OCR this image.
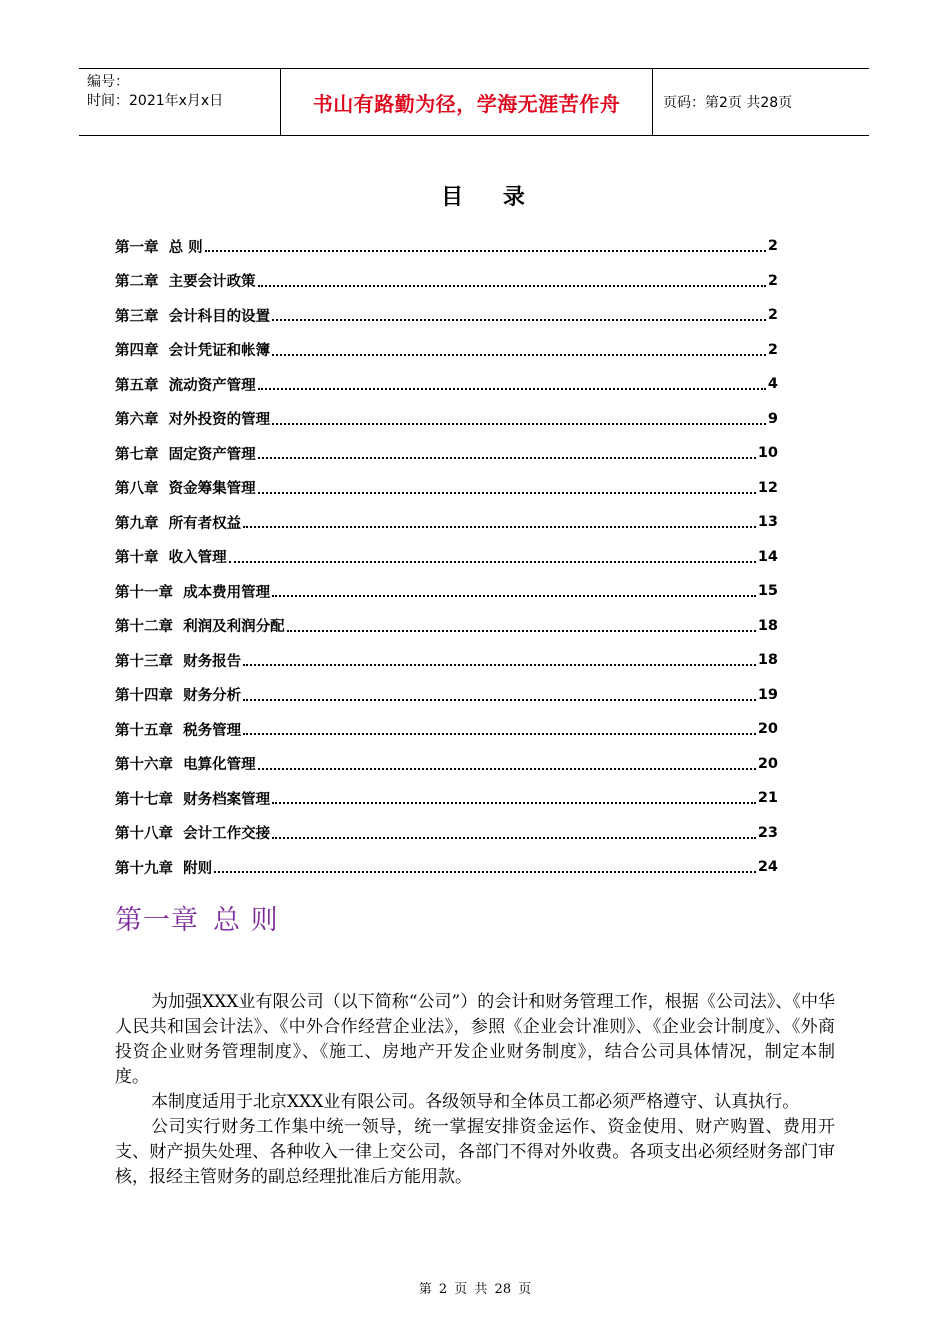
编号：
时间：2021年x月x日	书山有路勤为径，学海无涯苦作舟	页码：第2页 共28页
目 录
第一章  总 则	2
第二章  主要会计政策	2
第三章  会计科目的设置	2
第四章  会计凭证和帐簿	2
第五章  流动资产管理	4
第六章  对外投资的管理	9
第七章  固定资产管理	10
第八章  资金筹集管理	12
第九章  所有者权益	13
第十章  收入管理	14
第十一章  成本费用管理	15
第十二章  利润及利润分配	18
第十三章  财务报告	18
第十四章  财务分析	19
第十五章  税务管理	20
第十六章  电算化管理	20
第十七章  财务档案管理	21
第十八章  会计工作交接	23
第十九章  附则	24
第一章 总 则

为加强XXX业有限公司（以下简称“公司”）的会计和财务管理工作，根据《公司法》、《中华人民共和国会计法》、《中外合作经营企业法》，参照《企业会计准则》、《企业会计制度》、《外商投资企业财务管理制度》、《施工、房地产开发企业财务制度》，结合公司具体情况，制定本制度。

本制度适用于北京XXX业有限公司。各级领导和全体员工都必须严格遵守、认真执行。

公司实行财务工作集中统一领导，统一掌握安排资金运作、资金使用、财产购置、费用开支、财产损失处理、各种收入一律上交公司，各部门不得对外收费。各项支出必须经财务部门审核，报经主管财务的副总经理批准后方能用款。

第 2 页 共 28 页
